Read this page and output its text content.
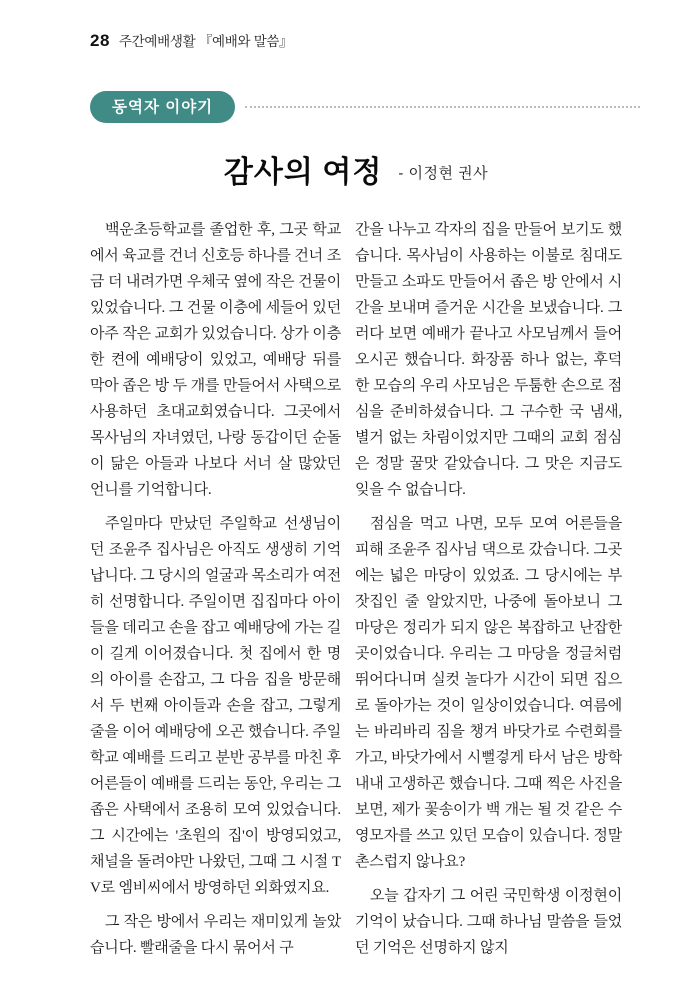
28 주간예배생활 『예배와 말씀』
동역자 이야기
감사의 여정 - 이정현 권사

백운초등학교를 졸업한 후, 그곳 학교에서 육교를 건너 신호등 하나를 건너 조금 더 내려가면 우체국 옆에 작은 건물이 있었습니다. 그 건물 이층에 세들어 있던 아주 작은 교회가 있었습니다. 상가 이층 한 켠에 예배당이 있었고, 예배당 뒤를 막아 좁은 방 두 개를 만들어서 사택으로 사용하던 초대교회였습니다. 그곳에서 목사님의 자녀였던, 나랑 동갑이던 순돌이 닮은 아들과 나보다 서너 살 많았던 언니를 기억합니다.

주일마다 만났던 주일학교 선생님이던 조윤주 집사님은 아직도 생생히 기억납니다. 그 당시의 얼굴과 목소리가 여전히 선명합니다. 주일이면 집집마다 아이들을 데리고 손을 잡고 예배당에 가는 길이 길게 이어졌습니다. 첫 집에서 한 명의 아이를 손잡고, 그 다음 집을 방문해서 두 번째 아이들과 손을 잡고, 그렇게 줄을 이어 예배당에 오곤 했습니다. 주일학교 예배를 드리고 분반 공부를 마친 후 어른들이 예배를 드리는 동안, 우리는 그 좁은 사택에서 조용히 모여 있었습니다. 그 시간에는 '초원의 집'이 방영되었고, 채널을 돌려야만 나왔던, 그때 그 시절 TV로 엠비씨에서 방영하던 외화였지요.

그 작은 방에서 우리는 재미있게 놀았습니다. 빨래줄을 다시 묶어서 구

간을 나누고 각자의 집을 만들어 보기도 했습니다. 목사님이 사용하는 이불로 침대도 만들고 소파도 만들어서 좁은 방 안에서 시간을 보내며 즐거운 시간을 보냈습니다. 그러다 보면 예배가 끝나고 사모님께서 들어오시곤 했습니다. 화장품 하나 없는, 후덕한 모습의 우리 사모님은 두툼한 손으로 점심을 준비하셨습니다. 그 구수한 국 냄새, 별거 없는 차림이었지만 그때의 교회 점심은 정말 꿀맛 같았습니다. 그 맛은 지금도 잊을 수 없습니다.

점심을 먹고 나면, 모두 모여 어른들을 피해 조윤주 집사님 댁으로 갔습니다. 그곳에는 넓은 마당이 있었죠. 그 당시에는 부잣집인 줄 알았지만, 나중에 돌아보니 그 마당은 정리가 되지 않은 복잡하고 난잡한 곳이었습니다. 우리는 그 마당을 정글처럼 뛰어다니며 실컷 놀다가 시간이 되면 집으로 돌아가는 것이 일상이었습니다. 여름에는 바리바리 짐을 챙겨 바닷가로 수련회를 가고, 바닷가에서 시뻘겋게 타서 남은 방학 내내 고생하곤 했습니다. 그때 찍은 사진을 보면, 제가 꽃송이가 백 개는 될 것 같은 수영모자를 쓰고 있던 모습이 있습니다. 정말 촌스럽지 않나요?

오늘 갑자기 그 어린 국민학생 이정현이 기억이 났습니다. 그때 하나님 말씀을 들었던 기억은 선명하지 않지
